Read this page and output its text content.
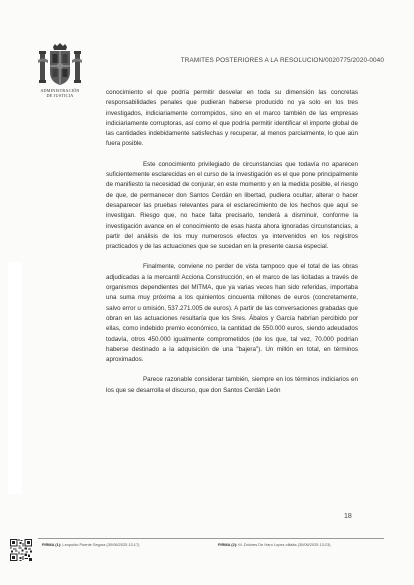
ADMINISTRACIÓN
DE JUSTICIA
TRAMITES POSTERIORES A LA RESOLUCION/0020775/2020-0040

conocimiento el que podría permitir desvelar en toda su dimensión las concretas responsabilidades penales que pudieran haberse producido no ya solo en los tres investigados, indiciariamente corrompidos, sino en el marco también de las empresas indiciariamente corruptoras, así como el que podría permitir identificar el importe global de las cantidades indebidamente satisfechas y recuperar, al menos parcialmente, lo que aún fuera posible.

Este conocimiento privilegiado de circunstancias que todavía no aparecen suficientemente esclarecidas en el curso de la investigación es el que pone principalmente de manifiesto la necesidad de conjurar, en este momento y en la medida posible, el riesgo de que, de permanecer don Santos Cerdán en libertad, pudiera ocultar, alterar o hacer desaparecer las pruebas relevantes para el esclarecimiento de los hechos que aquí se investigan. Riesgo que, no hace falta precisarlo, tenderá a disminuir, conforme la investigación avance en el conocimiento de esas hasta ahora ignoradas circunstancias, a partir del análisis de los muy numerosos efectos ya intervenidos en los registros practicados y de las actuaciones que se sucedan en la presente causa especial.

Finalmente, conviene no perder de vista tampoco que el total de las obras adjudicadas a la mercantil Acciona Construcción, en el marco de las licitadas a través de organismos dependientes del MITMA, que ya varias veces han sido referidas, importaba una suma muy próxima a los quinientos cincuenta millones de euros (concretamente, salvo error u omisión, 537.271.005 de euros). A partir de las conversaciones grabadas que obran en las actuaciones resultaría que los Sres. Ábalos y García habrían percibido por ellas, como indebido premio económico, la cantidad de 550.000 euros, siendo adeudados todavía, otros 450.000 igualmente comprometidos (de los que, tal vez, 70.000 podrían haberse destinado a la adquisición de una "bajera"). Un millón en total, en términos aproximados.

Parece razonable considerar también, siempre en los términos indiciarios en los que se desarrolla el discurso, que don Santos Cerdán León

18
FIRMA (1): Leopoldo Puente Segura (30/06/2025 13:17)	FIRMA (2): M. Dolores De Haro Lopez-villalta (30/06/2025 13:23)
